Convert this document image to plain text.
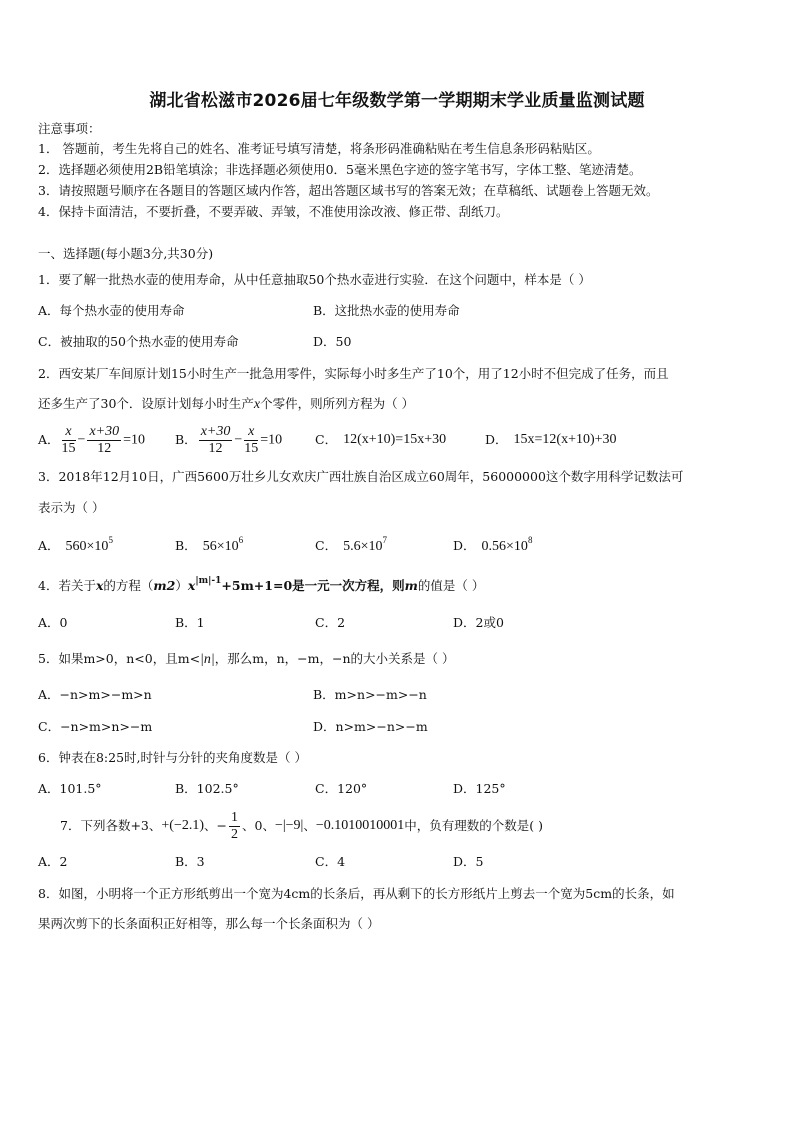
湖北省松滋市2026届七年级数学第一学期期末学业质量监测试题
注意事项：
1． 答题前，考生先将自己的姓名、准考证号填写清楚，将条形码准确粘贴在考生信息条形码粘贴区。
2．选择题必须使用2B铅笔填涂；非选择题必须使用0．5毫米黑色字迹的签字笔书写，字体工整、笔迹清楚。
3．请按照题号顺序在各题目的答题区域内作答，超出答题区域书写的答案无效；在草稿纸、试题卷上答题无效。
4．保持卡面清洁，不要折叠，不要弄破、弄皱，不准使用涂改液、修正带、刮纸刀。
一、选择题(每小题3分,共30分)
1．要了解一批热水壶的使用寿命，从中任意抽取50个热水壶进行实验．在这个问题中，样本是（ ）
A．每个热水壶的使用寿命	B．这批热水壶的使用寿命
C．被抽取的50个热水壶的使用寿命	D．50
2．西安某厂车间原计划15小时生产一批急用零件，实际每小时多生产了10个，用了12小时不但完成了任务，而且
还多生产了30个．设原计划每小时生产x个零件，则所列方程为（ ）
A． $\frac{x}{15} - \frac{x+30}{12} =10$ B． $\frac{x+30}{12} - \frac{x}{15} =10$	C． 12(x+10)=15x+30	D． 15x=12(x+10)+30
3．2018年12月10日，广西5600万壮乡儿女欢庆广西壮族自治区成立60周年，56000000这个数字用科学记数法可
表示为（ ）
A． $560\times 10^5$	B． $56\times 10^6$	C． $5.6\times 10^7$	D． $0.56\times 10^8$
4．若关于x的方程$(m2)x^{|m|-1}+5m+1=0$是一元一次方程，则m的值是（ ）
A．0	B．1	C．2	D．2或0
5．如果m>0，n<0，且m<|n|，那么m，n，−m，−n的大小关系是（ ）
A．−n>m>−m>n	B．m>n>−m>−n
C．−n>m>n>−m	D．n>m>−n>−m
6．钟表在8:25时,时针与分针的夹角度数是（ ）
A．101.5°	B．102.5°	C．120°	D．125°
7．下列各数+3、 +(−2.1) 、− $\frac{1}{2}$ 、0、 −|−9| 、 −0.1010010001 中，负有理数的个数是( )
A．2	B．3	C．4	D．5
8．如图，小明将一个正方形纸剪出一个宽为4cm的长条后，再从剩下的长方形纸片上剪去一个宽为5cm的长条，如
果两次剪下的长条面积正好相等，那么每一个长条面积为（ ）
